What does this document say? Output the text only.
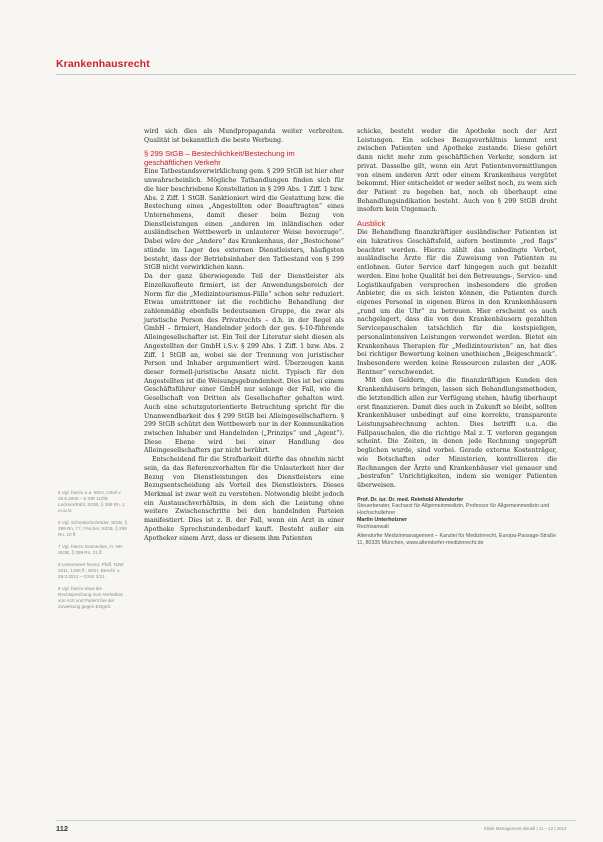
Krankenhausrecht

5 Vgl. hierzu u.a. BGH, Urteil v. 29.6.2000 – 5 StR 11/09; Lackner/Kühl, StGB, § 299 Rn. 2 m.w.N.

6 Vgl. Schönke/Schröder, StGB, § 299 Rn. 7 f.; Fischer, StGB, § 299 Rn. 10 ff.

7 Vgl. hierzu Dannecker, in: NK-StGB, § 299 Rn. 21 ff.

8 Lesenswert hierzu: Pfaff, NJW 2011, 1258 ff.; BGH, Beschl. v. 29.3.2012 – GSSt 2/11.

9 Vgl. hierzu etwa die Rechtsprechung zum Verhältnis von Arzt und Patient bei der Zuweisung gegen Entgelt.

wird sich dies als Mundpropaganda weiter verbreiten. Qualität ist bekanntlich die beste Werbung.

§ 299 StGB – Bestechlichkeit/Bestechung im geschäftlichen Verkehr

Eine Tatbestandsverwirklichung gem. § 299 StGB ist hier eher unwahrscheinlich. Mögliche Tathandlungen finden sich für die hier beschriebene Konstellation in § 299 Abs. 1 Ziff. 1 bzw. Abs. 2 Ziff. 1 StGB. Sanktioniert wird die Gestattung bzw. die Bestechung eines „Angestellten oder Beauftragten“ eines Unternehmens, damit dieser beim Bezug von Dienstleistungen einen „anderen im inländischen oder ausländischen Wettbewerb in unlauterer Weise bevorzuge“. Dabei wäre der „Andere“ das Krankenhaus, der „Bestochene“ stünde im Lager des externen Dienstleisters, häufigsten besteht, dass der Betriebsinhaber den Tatbestand von § 299 StGB nicht verwirklichen kann.

Da der ganz überwiegende Teil der Dienstleister als Einzelkaufleute firmiert, ist der Anwendungsbereich der Norm für die „Medizintourismus-Fälle“ schon sehr reduziert. Etwas umstrittener ist die rechtliche Behandlung der zahlenmäßig ebenfalls bedeutsamen Gruppe, die zwar als juristische Person des Privatrechts – d.h. in der Regel als GmbH – firmiert, Handelnder jedoch der ges. §-10-führende Alleingesellschafter ist. Ein Teil der Literatur sieht diesen als Angestellten der GmbH i.S.v. § 299 Abs. 1 Ziff. 1 bzw. Abs. 2 Ziff. 1 StGB an, wobei sie der Trennung von juristischer Person und Inhaber argumentiert wird. Überzeugen kann dieser formell-juristische Ansatz nicht. Typisch für den Angestellten ist die Weisungsgebundenheit. Dies ist bei einem Geschäftsführer einer GmbH nur solange der Fall, wie die Gesellschaft von Dritten als Gesellschafter gehalten wird. Auch eine schutzgutorientierte Betrachtung spricht für die Unanwendbarkeit des § 299 StGB bei Alleingesellschaftern. § 299 StGB schützt den Wettbewerb nur in der Kommunikation zwischen Inhaber und Handelnden („Prinzips“ und „Agent“). Diese Ebene wird bei einer Handlung des Alleingesellschafters gar nicht berührt.

Entscheidend für die Strafbarkeit dürfte das ohnehin nicht sein, da das Referenzverhalten für die Unlauterkeit hier der Bezug von Dienstleistungen des Dienstleisters eine Bezugsentscheidung als Vorteil des Dienstleisters. Dieses Merkmal ist zwar weit zu verstehen. Notwendig bleibt jedoch ein Austauschverhältnis, in dem sich die Leistung ohne weitere Zwischenschritte bei den handelnden Parteien manifestiert. Dies ist z. B. der Fall, wenn ein Arzt in einer Apotheke Sprechstundenbedarf kauft. Besteht außer ein Apotheker einem Arzt, dass er diesem ihm Patienten

schicke, besteht weder die Apotheke noch der Arzt Leistungen. Ein solches Bezugsverhältnis kommt erst zwischen Patienten und Apotheke zustande. Diese gehört dann nicht mehr zum geschäftlichen Verkehr, sondern ist privat. Dasselbe gilt, wenn ein Arzt Patientenvermittlungen von einem anderen Arzt oder einem Krankenhaus vergütet bekommt. Hier entscheidet er weder selbst noch, zu wem sich der Patient zu begeben hat, noch ob überhaupt eine Behandlungsindikation besteht. Auch von § 299 StGB droht insofern kein Ungemach.

Ausblick

Die Behandlung finanzkräftiger ausländischer Patienten ist ein lukratives Geschäftsfeld, aufern bestimmte „red flags“ beachtet werden. Hierzu zählt das unbedingte Verbot, ausländische Ärzte für die Zuweisung von Patienten zu entlohnen. Guter Service darf hingegen auch gut bezahlt werden. Eine hohe Qualität bei den Betreuungs-, Service- und Logistikaufgaben versprechen insbesondere die großen Anbieter, die es sich leisten können, die Patienten durch eigenes Personal in eigenen Büros in den Krankenhäusern „rund um die Uhr“ zu betreuen. Hier erscheint es auch nachgelagert, dass die von den Krankenhäusern gezahlten Servicepauschalen tatsächlich für die kostspieligen, personalintensiven Leistungen verwendet werden. Bietet ein Krankenhaus Therapien für „Medizintouristen“ an, hat dies bei richtiger Bewertung keinen unethischen „Beigeschmack“. Insbesondere werden keine Ressourcen zulasten der „AOK-Rentner“ verschwendet.

Mit den Geldern, die die finanzkräftigen Kunden den Krankenhäusern bringen, lassen sich Behandlungsmethoden, die letztendlich allen zur Verfügung stehen, häufig überhaupt erst finanzieren. Damit dies auch in Zukunft so bleibt, sollten Krankenhäuser unbedingt auf eine korrekte, transparente Leistungsabrechnung achten. Dies betrifft u.a. die Fallpauschalen, die die richtige Mal z. T. verloren gegangen scheint. Die Zeiten, in denen jede Rechnung ungeprüft beglichen wurde, sind vorbei. Gerade externe Kostenträger, wie Botschaften oder Ministerien, kontrollieren die Rechnungen der Ärzte und Krankenhäuser viel genauer und „bestrafen“ Unrichtigkeiten, indem sie weniger Patienten überweisen.

Prof. Dr. iur. Dr. med. Reinhold Altendorfer
Steuerberater, Facharzt für Allgemeinmedizin, Professor für Allgemeinmedizin und Hochschullehrer
Martin Unterholzner
Rechtsanwalt
Altendorfer Medizinmanagement – Kanzlei für Medizinrecht, Europa-Passage-Straße 11, 80335 München, www.altendorfer-medizinrecht.de
112	Klinik Management aktuell | 11 – 12 | 2012
